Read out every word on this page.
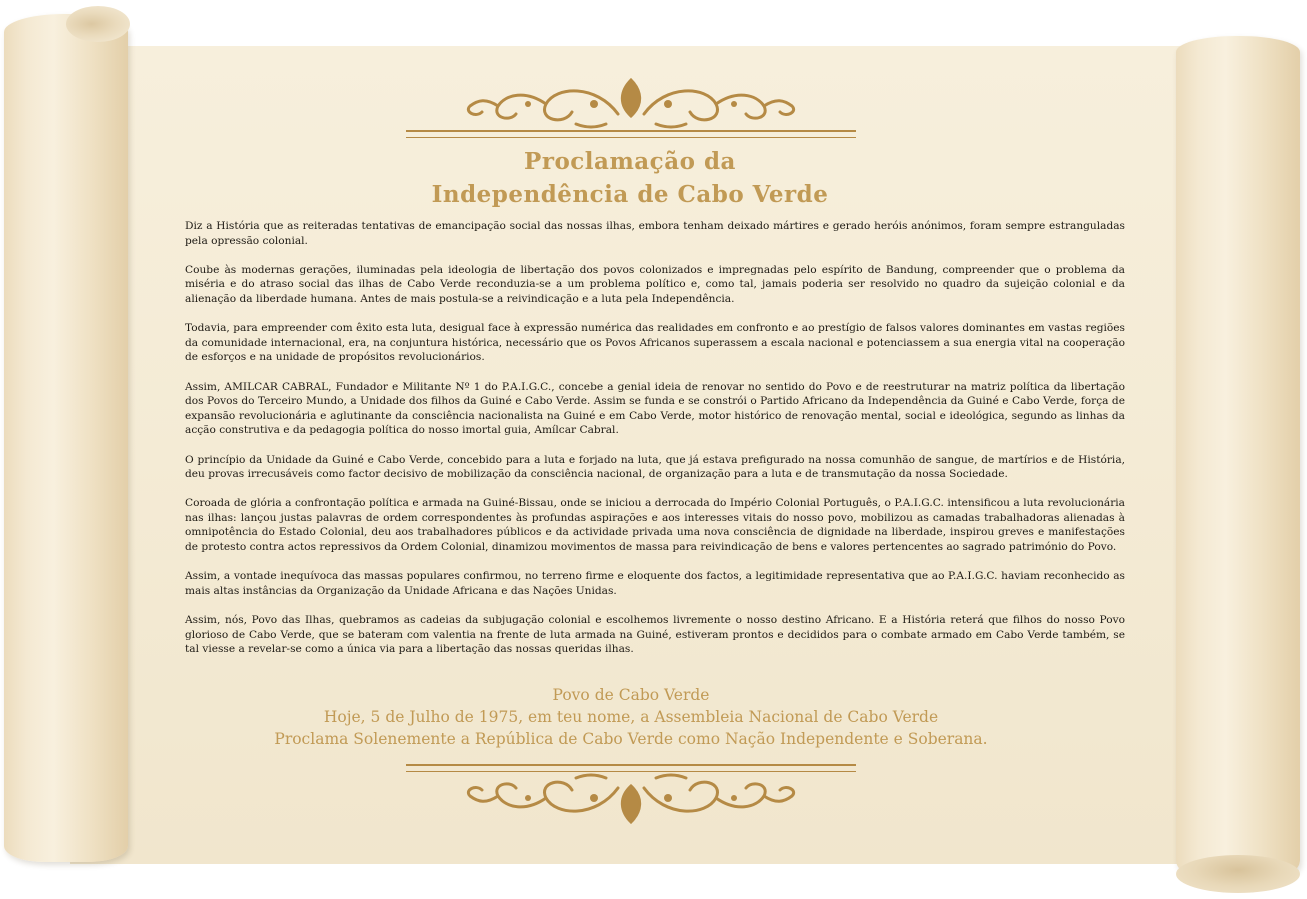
Proclamação da
Independência de Cabo Verde

Diz a História que as reiteradas tentativas de emancipação social das nossas ilhas, embora tenham deixado mártires e gerado heróis anónimos, foram sempre estranguladas pela opressão colonial.

Coube às modernas gerações, iluminadas pela ideologia de libertação dos povos colonizados e impregnadas pelo espírito de Bandung, compreender que o problema da miséria e do atraso social das ilhas de Cabo Verde reconduzia-se a um problema político e, como tal, jamais poderia ser resolvido no quadro da sujeição colonial e da alienação da liberdade humana. Antes de mais postula-se a reivindicação e a luta pela Independência.

Todavia, para empreender com êxito esta luta, desigual face à expressão numérica das realidades em confronto e ao prestígio de falsos valores dominantes em vastas regiões da comunidade internacional, era, na conjuntura histórica, necessário que os Povos Africanos superassem a escala nacional e potenciassem a sua energia vital na cooperação de esforços e na unidade de propósitos revolucionários.

Assim, AMILCAR CABRAL, Fundador e Militante Nº 1 do P.A.I.G.C., concebe a genial ideia de renovar no sentido do Povo e de reestruturar na matriz política da libertação dos Povos do Terceiro Mundo, a Unidade dos filhos da Guiné e Cabo Verde. Assim se funda e se constrói o Partido Africano da Independência da Guiné e Cabo Verde, força de expansão revolucionária e aglutinante da consciência nacionalista na Guiné e em Cabo Verde, motor histórico de renovação mental, social e ideológica, segundo as linhas da acção construtiva e da pedagogia política do nosso imortal guia, Amílcar Cabral.

O princípio da Unidade da Guiné e Cabo Verde, concebido para a luta e forjado na luta, que já estava prefigurado na nossa comunhão de sangue, de martírios e de História, deu provas irrecusáveis como factor decisivo de mobilização da consciência nacional, de organização para a luta e de transmutação da nossa Sociedade.

Coroada de glória a confrontação política e armada na Guiné-Bissau, onde se iniciou a derrocada do Império Colonial Português, o P.A.I.G.C. intensificou a luta revolucionária nas ilhas: lançou justas palavras de ordem correspondentes às profundas aspirações e aos interesses vitais do nosso povo, mobilizou as camadas trabalhadoras alienadas à omnipotência do Estado Colonial, deu aos trabalhadores públicos e da actividade privada uma nova consciência de dignidade na liberdade, inspirou greves e manifestações de protesto contra actos repressivos da Ordem Colonial, dinamizou movimentos de massa para reivindicação de bens e valores pertencentes ao sagrado património do Povo.

Assim, a vontade inequívoca das massas populares confirmou, no terreno firme e eloquente dos factos, a legitimidade representativa que ao P.A.I.G.C. haviam reconhecido as mais altas instâncias da Organização da Unidade Africana e das Nações Unidas.

Assim, nós, Povo das Ilhas, quebramos as cadeias da subjugação colonial e escolhemos livremente o nosso destino Africano. E a História reterá que filhos do nosso Povo glorioso de Cabo Verde, que se bateram com valentia na frente de luta armada na Guiné, estiveram prontos e decididos para o combate armado em Cabo Verde também, se tal viesse a revelar-se como a única via para a libertação das nossas queridas ilhas.

Povo de Cabo Verde
Hoje, 5 de Julho de 1975, em teu nome, a Assembleia Nacional de Cabo Verde
Proclama Solenemente a República de Cabo Verde como Nação Independente e Soberana.
